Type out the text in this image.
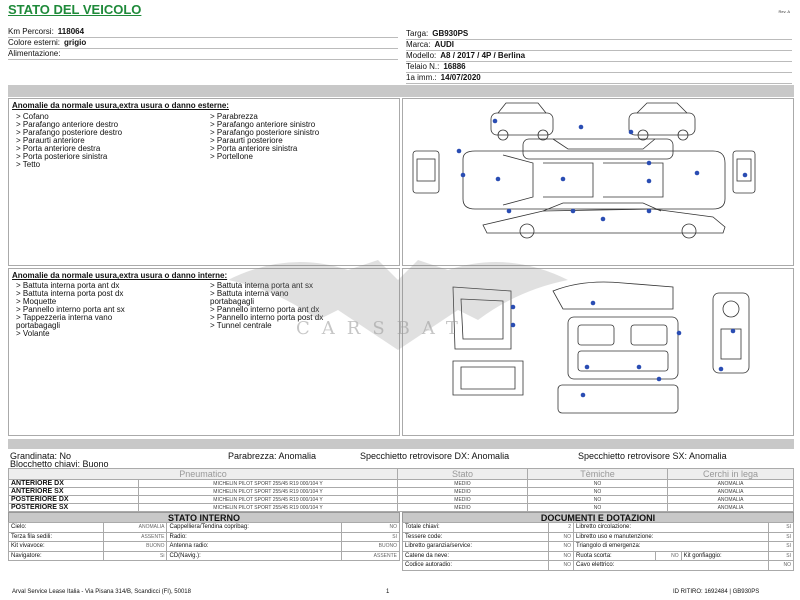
STATO DEL VEICOLO	Rev. A
Km Percorsi: 118064
Colore esterni: grigio
Alimentazione:
Targa: GB930PS
Marca: AUDI
Modello: A8 / 2017 / 4P / Berlina
Telaio N.: 16886
1a imm.: 14/07/2020
Anomalie da normale usura,extra usura o danno esterne:
> Cofano
> Parafango anteriore destro
> Parafango posteriore destro
> Paraurti anteriore
> Porta anteriore destra
> Porta posteriore sinistra
> Tetto
> Parabrezza
> Parafango anteriore sinistro
> Parafango posteriore sinistro
> Paraurti posteriore
> Porta anteriore sinistra
> Portellone
Anomalie da normale usura,extra usura o danno interne:
> Battuta interna porta ant dx
> Battuta interna porta post dx
> Moquette
> Pannello interno porta ant sx
> Tappezzeria interna vano
portabagagli
> Volante
> Battuta interna porta ant sx
> Battuta interna vano
portabagagli
> Pannello interno porta ant dx
> Pannello interno porta post dx
> Tunnel centrale	CARSBAT
Grandinata: No	Parabrezza: Anomalia	Specchietto retrovisore DX: Anomalia	Specchietto retrovisore SX: Anomalia
Blocchetto chiavi: Buono
Pneumatico		Stato	Tèmiche	Cerchi in lega
ANTERIORE DX	MICHELIN PILOT SPORT 255/45 R19 000/104 Y	MEDIO	NO	ANOMALIA
ANTERIORE SX	MICHELIN PILOT SPORT 255/45 R19 000/104 Y	MEDIO	NO	ANOMALIA
POSTERIORE DX	MICHELIN PILOT SPORT 255/45 R19 000/104 Y	MEDIO	NO	ANOMALIA
POSTERIORE SX	MICHELIN PILOT SPORT 255/45 R19 000/104 Y	MEDIO	NO	ANOMALIA
STATO INTERNO
Cielo:	ANOMALIA	Cappelliera/Tendina copribag:	NO
Terza fila sedili:	ASSENTE	Radio:	SI
Kit vivavoce:	BUONO	Antenna radio:	BUONO
Navigatore:	Si	CD(Navig.):	ASSENTE
DOCUMENTI E DOTAZIONI
Totale chiavi:	2	Libretto circolazione:			SI
Tessere code:	NO	Libretto uso e manutenzione:			SI
Libretto garanzia/service:	NO	Triangolo di emergenza:			SI
Catene da neve:	NO	Ruota scorta:	NO	Kit gonfiaggio:	SI
Codice autoradio:	NO	Cavo elettrico:			NO
Arval Service Lease Italia - Via Pisana 314/B, Scandicci (FI), 50018	1	ID RITIRO: 1692484 | GB930PS
